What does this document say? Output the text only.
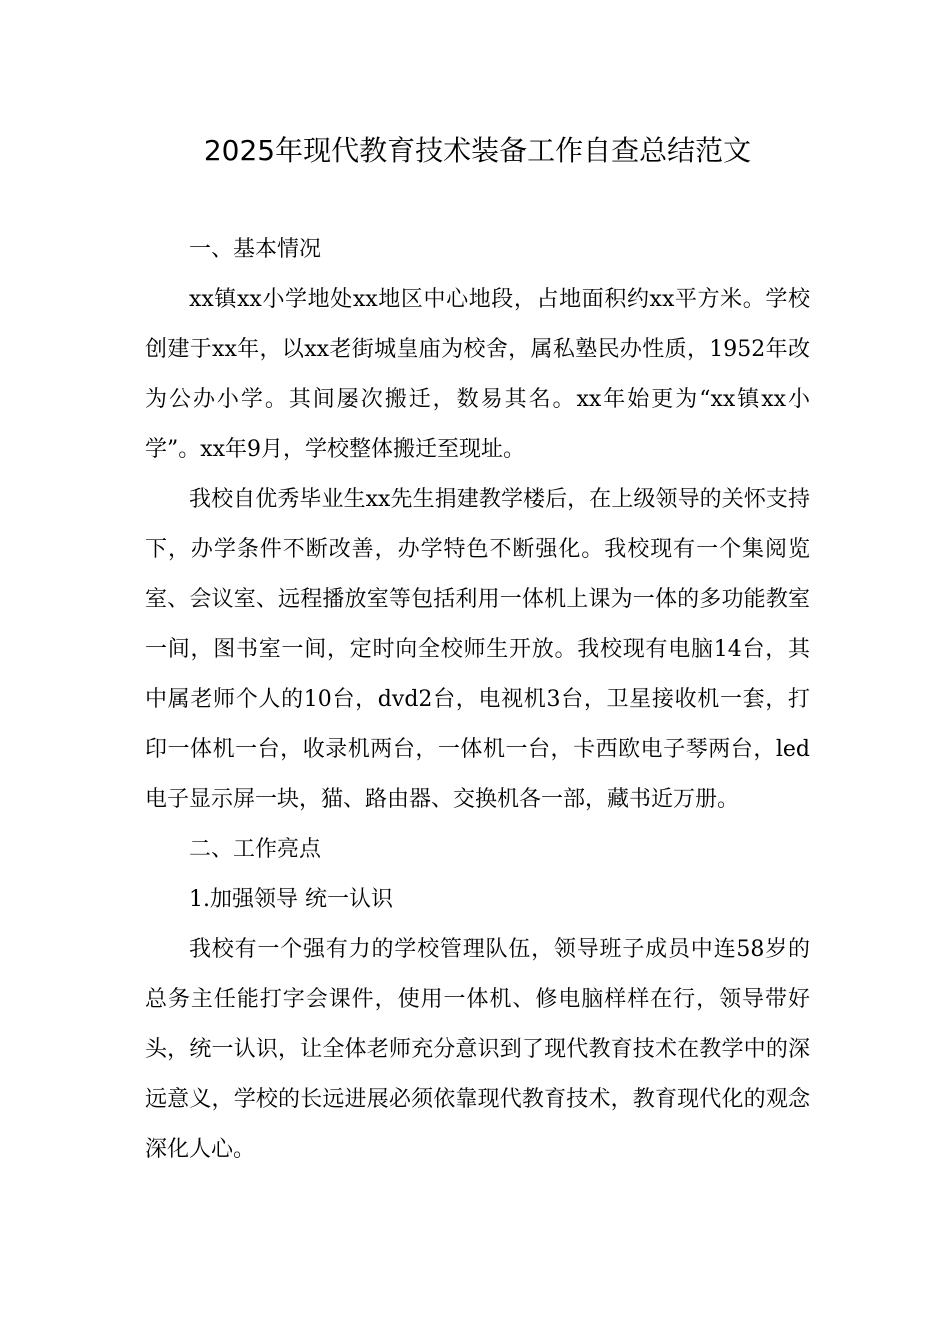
2025年现代教育技术装备工作自查总结范文

一、基本情况

xx镇xx小学地处xx地区中心地段，占地面积约xx平方米。学校创建于xx年，以xx老街城皇庙为校舍，属私塾民办性质，1952年改为公办小学。其间屡次搬迁，数易其名。xx年始更为“xx镇xx小学”。xx年9月，学校整体搬迁至现址。

我校自优秀毕业生xx先生捐建教学楼后，在上级领导的关怀支持下，办学条件不断改善，办学特色不断强化。我校现有一个集阅览室、会议室、远程播放室等包括利用一体机上课为一体的多功能教室一间，图书室一间，定时向全校师生开放。我校现有电脑14台，其中属老师个人的10台，dvd2台，电视机3台，卫星接收机一套，打印一体机一台，收录机两台，一体机一台，卡西欧电子琴两台，led电子显示屏一块，猫、路由器、交换机各一部，藏书近万册。

二、工作亮点

1.加强领导 统一认识

我校有一个强有力的学校管理队伍，领导班子成员中连58岁的总务主任能打字会课件，使用一体机、修电脑样样在行，领导带好头，统一认识，让全体老师充分意识到了现代教育技术在教学中的深远意义，学校的长远进展必须依靠现代教育技术，教育现代化的观念深化人心。
